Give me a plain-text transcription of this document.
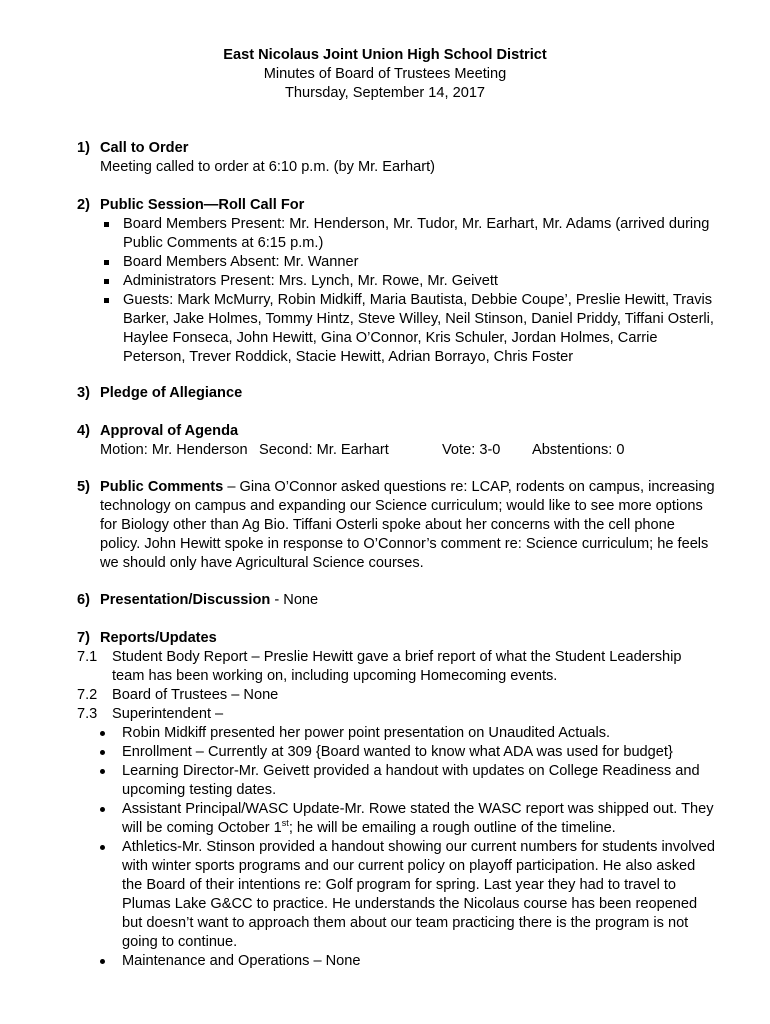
East Nicolaus Joint Union High School District
Minutes of Board of Trustees Meeting
Thursday, September 14, 2017
1) Call to Order
Meeting called to order at 6:10 p.m. (by Mr. Earhart)
2) Public Session—Roll Call For
Board Members Present: Mr. Henderson, Mr. Tudor, Mr. Earhart, Mr. Adams (arrived during Public Comments at 6:15 p.m.)
Board Members Absent: Mr. Wanner
Administrators Present: Mrs. Lynch, Mr. Rowe, Mr. Geivett
Guests: Mark McMurry, Robin Midkiff, Maria Bautista, Debbie Coupe’, Preslie Hewitt, Travis Barker, Jake Holmes, Tommy Hintz, Steve Willey, Neil Stinson, Daniel Priddy, Tiffani Osterli, Haylee Fonseca, John Hewitt, Gina O’Connor, Kris Schuler, Jordan Holmes, Carrie Peterson, Trever Roddick, Stacie Hewitt, Adrian Borrayo, Chris Foster
3) Pledge of Allegiance
4) Approval of Agenda
Motion: Mr. Henderson Second: Mr. Earhart	Vote: 3-0 Abstentions: 0
5) Public Comments – Gina O’Connor asked questions re: LCAP, rodents on campus, increasing technology on campus and expanding our Science curriculum; would like to see more options for Biology other than Ag Bio. Tiffani Osterli spoke about her concerns with the cell phone policy. John Hewitt spoke in response to O’Connor’s comment re: Science curriculum; he feels we should only have Agricultural Science courses.
6) Presentation/Discussion - None
7) Reports/Updates
7.1 Student Body Report – Preslie Hewitt gave a brief report of what the Student Leadership team has been working on, including upcoming Homecoming events.
7.2 Board of Trustees – None
7.3 Superintendent –
Robin Midkiff presented her power point presentation on Unaudited Actuals.
Enrollment – Currently at 309 {Board wanted to know what ADA was used for budget}
Learning Director-Mr. Geivett provided a handout with updates on College Readiness and upcoming testing dates.
Assistant Principal/WASC Update-Mr. Rowe stated the WASC report was shipped out. They will be coming October 1st; he will be emailing a rough outline of the timeline.
Athletics-Mr. Stinson provided a handout showing our current numbers for students involved with winter sports programs and our current policy on playoff participation. He also asked the Board of their intentions re: Golf program for spring. Last year they had to travel to Plumas Lake G&CC to practice. He understands the Nicolaus course has been reopened but doesn’t want to approach them about our team practicing there is the program is not going to continue.
Maintenance and Operations – None
